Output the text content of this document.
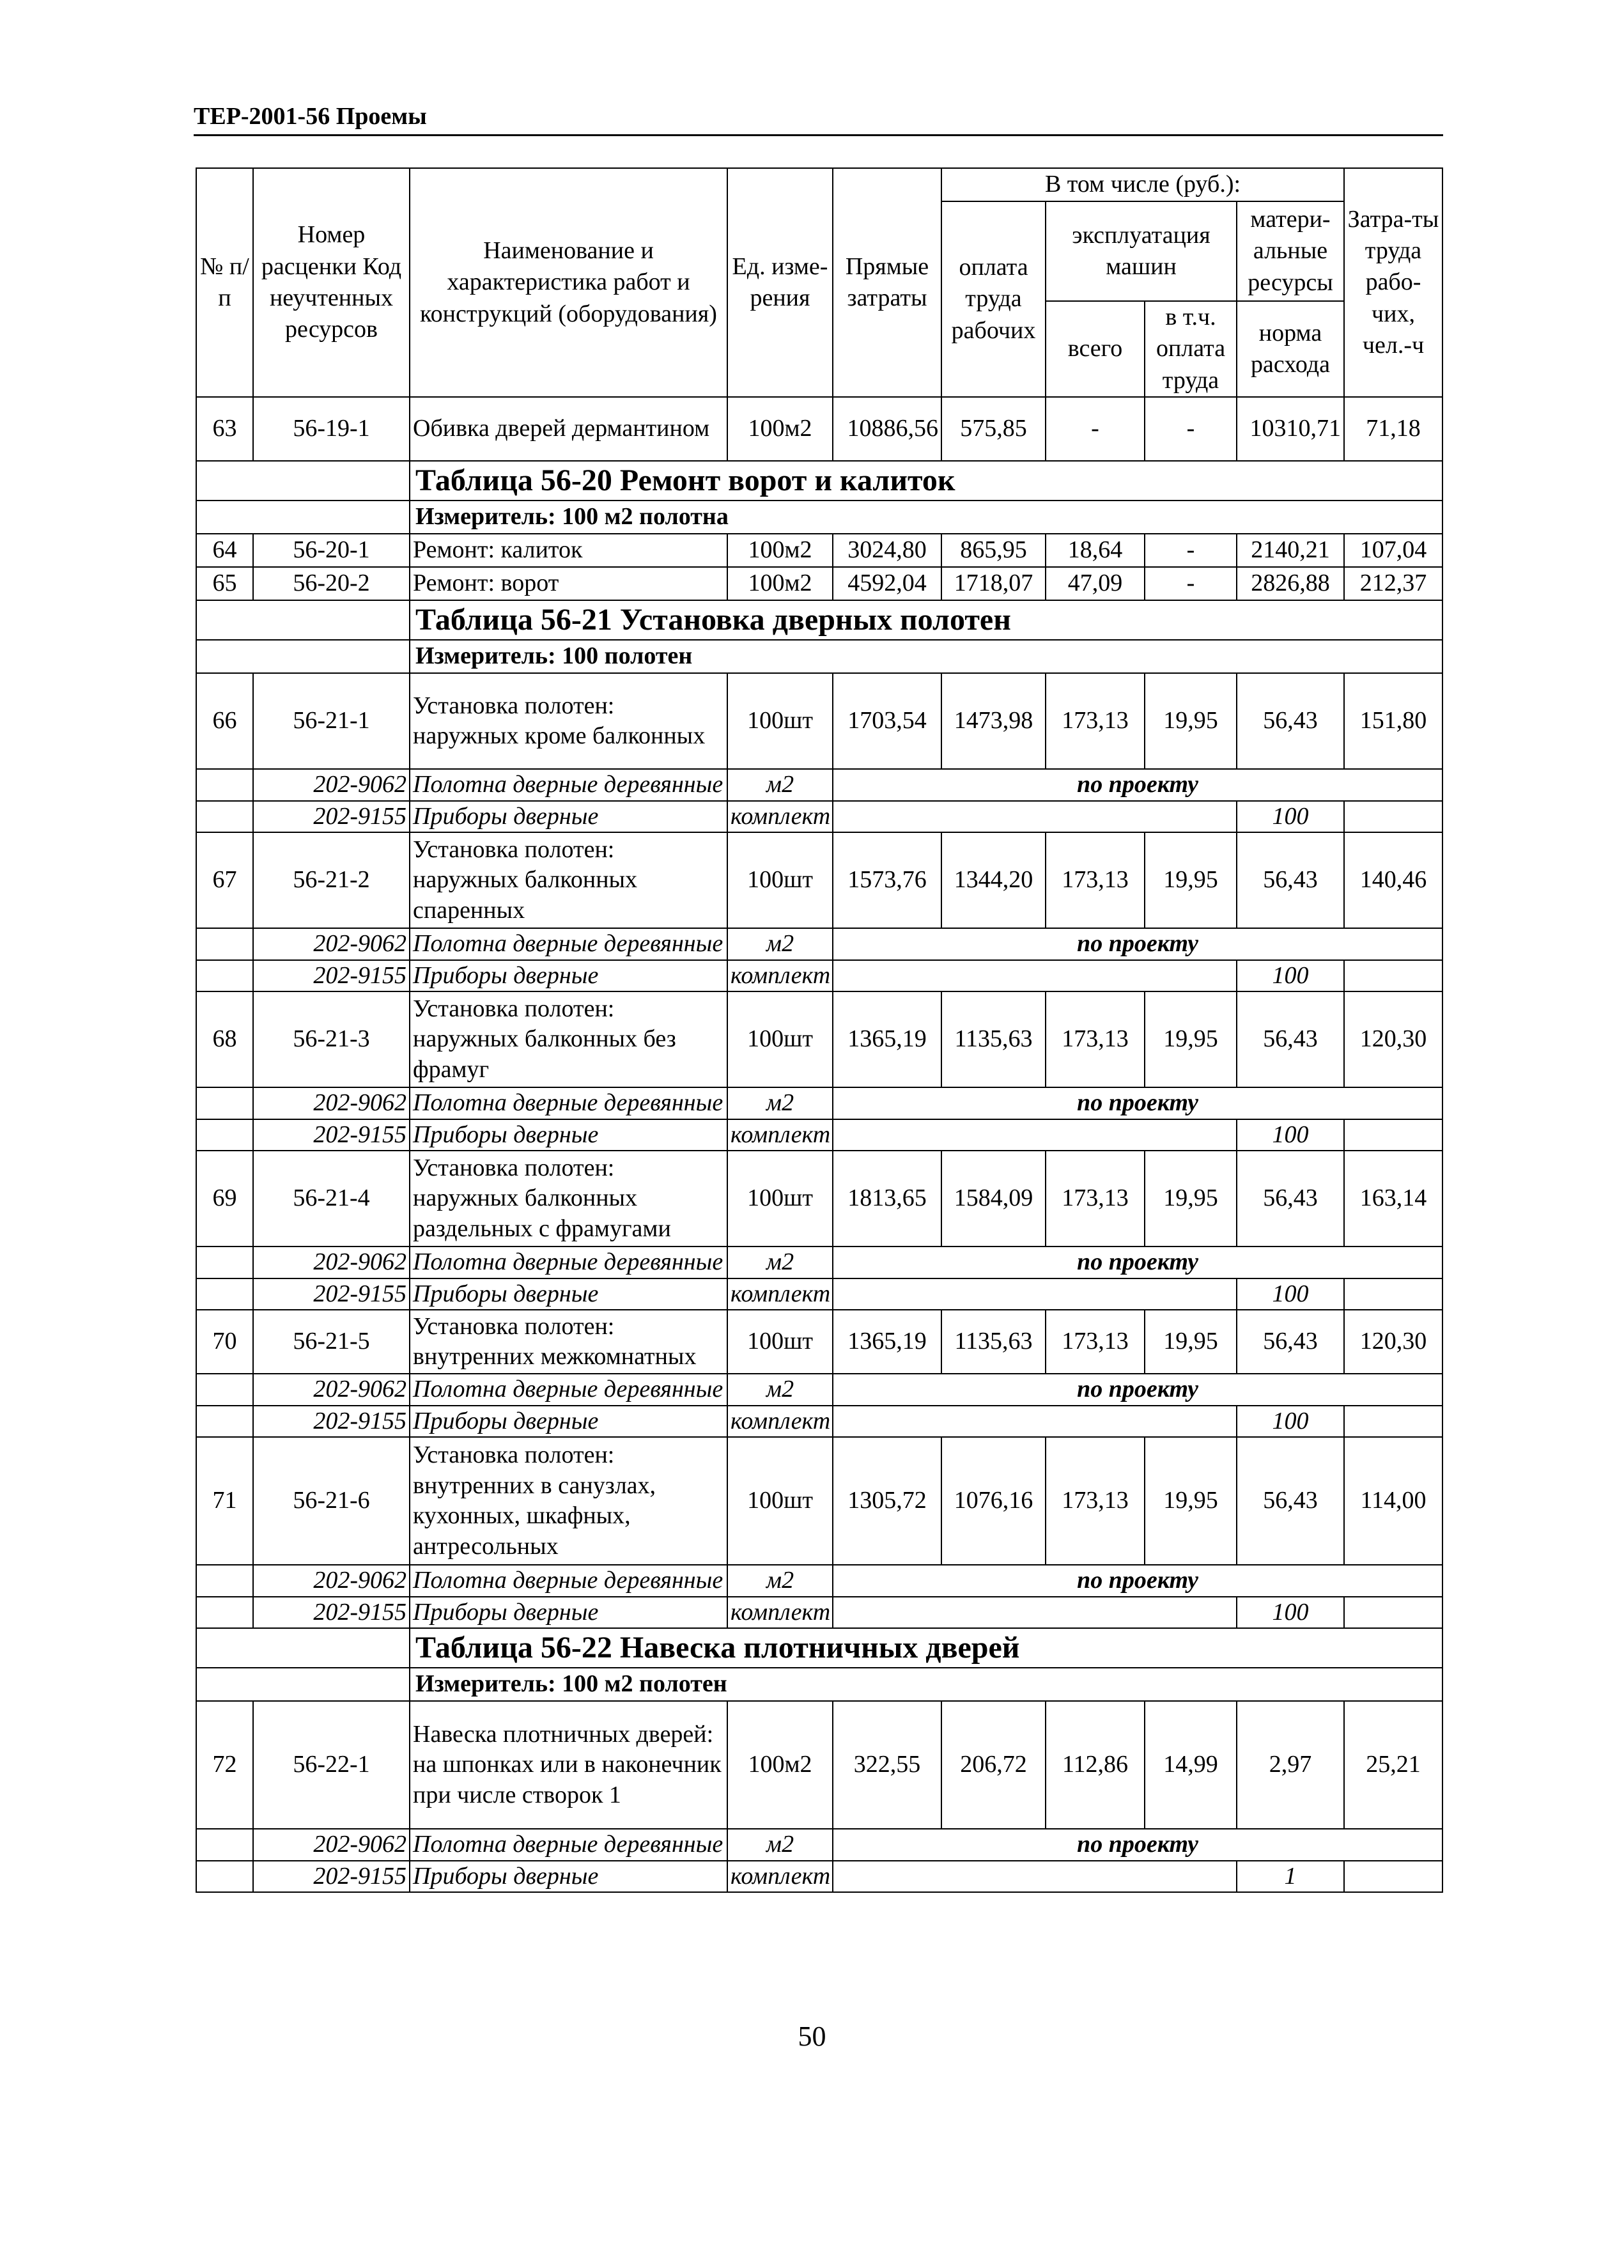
ТЕР-2001-56 Проемы
№ п/п	Номер расценки Код неучтенных ресурсов	Наименование и характеристика работ и конструкций (оборудования)	Ед. изме-рения	Прямые затраты	В том числе (руб.):				Затра-ты труда рабо-чих, чел.-ч
					оплата труда рабочих	эксплуатация машин		матери-альные ресурсы	
						всего	в т.ч. оплата труда	норма расхода	

63	56-19-1	Обивка дверей дермантином	100м2	10886,56	575,85	-	-	10310,71	71,18
		Таблица 56-20 Ремонт ворот и калиток							
		Измеритель: 100 м2 полотна							
64	56-20-1	Ремонт: калиток	100м2	3024,80	865,95	18,64	-	2140,21	107,04
65	56-20-2	Ремонт: ворот	100м2	4592,04	1718,07	47,09	-	2826,88	212,37
		Таблица 56-21 Установка дверных полотен							
		Измеритель: 100 полотен							
66	56-21-1	Установка полотен: наружных кроме балконных	100шт	1703,54	1473,98	173,13	19,95	56,43	151,80
	202-9062	Полотна дверные деревянные	м2	по проекту					
	202-9155	Приборы дверные	комплект					100	
67	56-21-2	Установка полотен: наружных балконных спаренных	100шт	1573,76	1344,20	173,13	19,95	56,43	140,46
	202-9062	Полотна дверные деревянные	м2	по проекту					
	202-9155	Приборы дверные	комплект					100	
68	56-21-3	Установка полотен: наружных балконных без фрамуг	100шт	1365,19	1135,63	173,13	19,95	56,43	120,30
	202-9062	Полотна дверные деревянные	м2	по проекту					
	202-9155	Приборы дверные	комплект					100	
69	56-21-4	Установка полотен: наружных балконных раздельных с фрамугами	100шт	1813,65	1584,09	173,13	19,95	56,43	163,14
	202-9062	Полотна дверные деревянные	м2	по проекту					
	202-9155	Приборы дверные	комплект					100	
70	56-21-5	Установка полотен: внутренних межкомнатных	100шт	1365,19	1135,63	173,13	19,95	56,43	120,30
	202-9062	Полотна дверные деревянные	м2	по проекту					
	202-9155	Приборы дверные	комплект					100	
71	56-21-6	Установка полотен: внутренних в санузлах, кухонных, шкафных, антресольных	100шт	1305,72	1076,16	173,13	19,95	56,43	114,00
	202-9062	Полотна дверные деревянные	м2	по проекту					
	202-9155	Приборы дверные	комплект					100	
		Таблица 56-22 Навеска плотничных дверей							
		Измеритель: 100 м2 полотен							
72	56-22-1	Навеска плотничных дверей: на шпонках или в наконечник при числе створок 1	100м2	322,55	206,72	112,86	14,99	2,97	25,21
	202-9062	Полотна дверные деревянные	м2	по проекту					
	202-9155	Приборы дверные	комплект					1	
50
